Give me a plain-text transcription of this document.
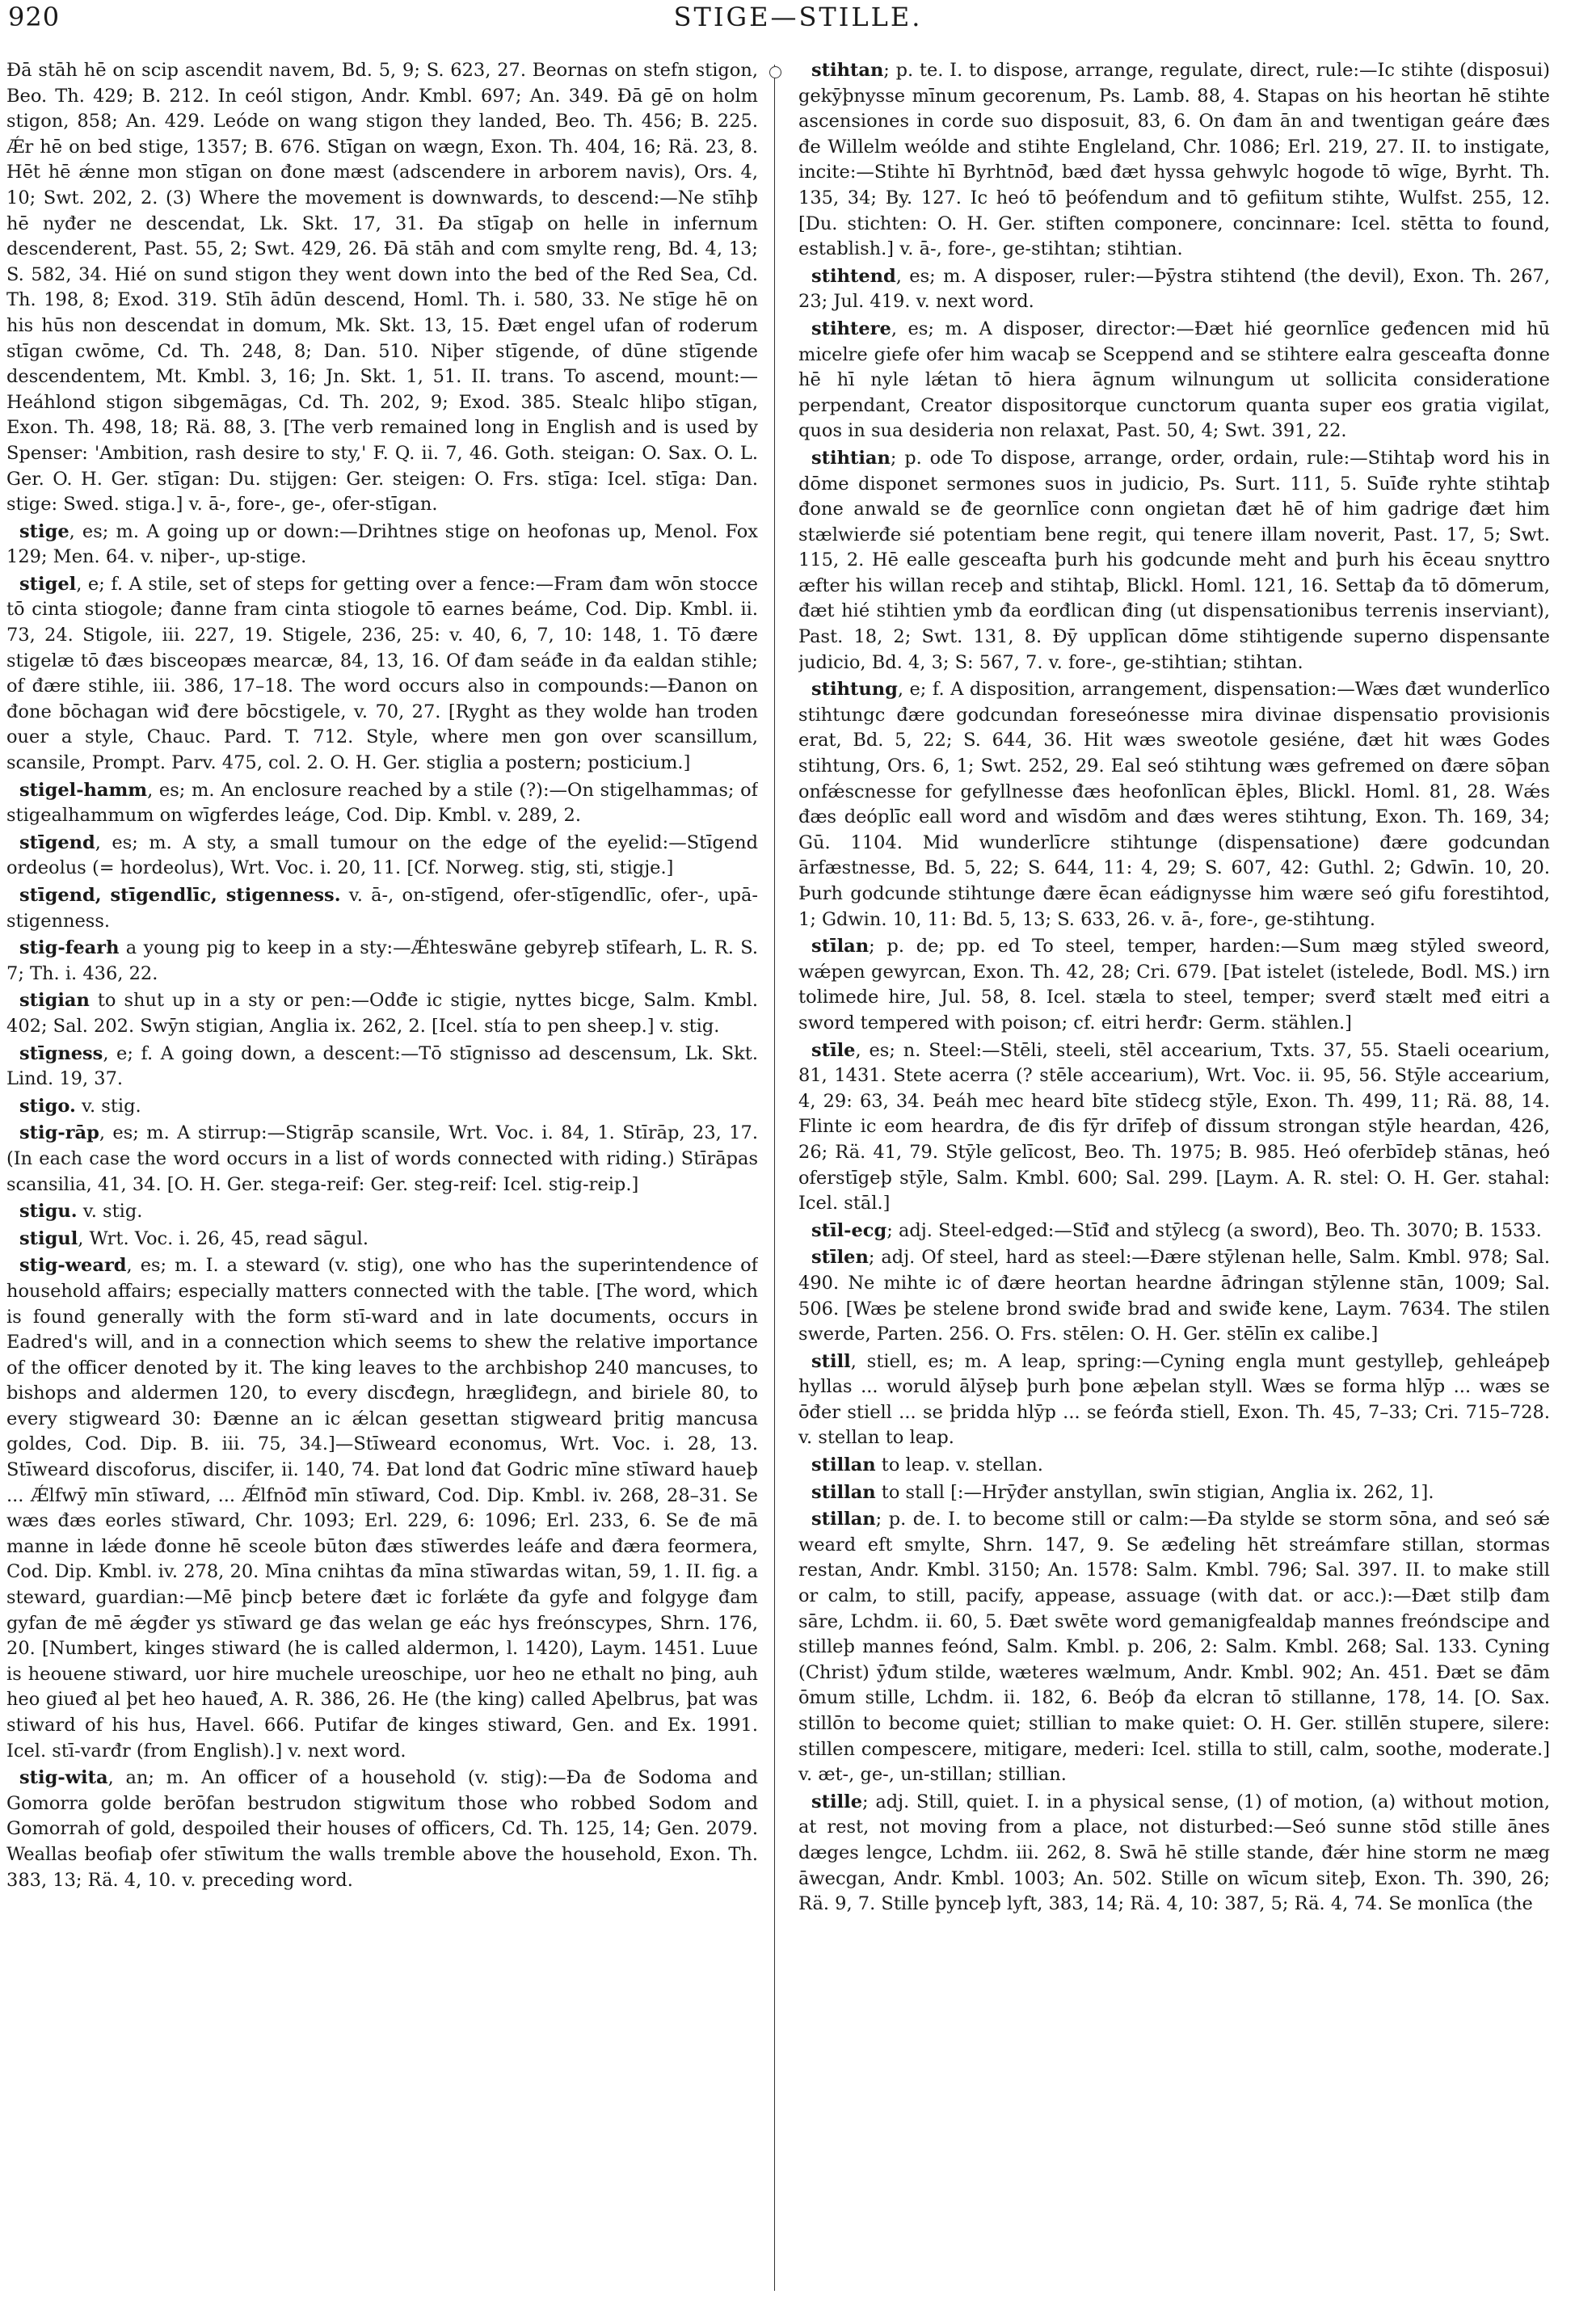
920	STIGE—STILLE.

Đā stāh hē on scip ascendit navem, Bd. 5, 9; S. 623, 27. Beornas on stefn stigon, Beo. Th. 429; B. 212. In ceól stigon, Andr. Kmbl. 697; An. 349. Đā gē on holm stigon, 858; An. 429. Leóde on wang stigon they landed, Beo. Th. 456; B. 225. Ǽr hē on bed stige, 1357; B. 676. Stīgan on wægn, Exon. Th. 404, 16; Rä. 23, 8. Hēt hē ǽnne mon stīgan on đone mæst (adscendere in arborem navis), Ors. 4, 10; Swt. 202, 2. (3) Where the movement is downwards, to descend:—Ne stīhþ hē nyđer ne descendat, Lk. Skt. 17, 31. Đa stīgaþ on helle in infernum descenderent, Past. 55, 2; Swt. 429, 26. Đā stāh and com smylte reng, Bd. 4, 13; S. 582, 34. Hié on sund stigon they went down into the bed of the Red Sea, Cd. Th. 198, 8; Exod. 319. Stīh ādūn descend, Homl. Th. i. 580, 33. Ne stīge hē on his hūs non descendat in domum, Mk. Skt. 13, 15. Đæt engel ufan of roderum stīgan cwōme, Cd. Th. 248, 8; Dan. 510. Niþer stīgende, of dūne stīgende descendentem, Mt. Kmbl. 3, 16; Jn. Skt. 1, 51. II. trans. To ascend, mount:—Heáhlond stigon sibgemāgas, Cd. Th. 202, 9; Exod. 385. Stealc hliþo stīgan, Exon. Th. 498, 18; Rä. 88, 3. [The verb remained long in English and is used by Spenser: 'Ambition, rash desire to sty,' F. Q. ii. 7, 46. Goth. steigan: O. Sax. O. L. Ger. O. H. Ger. stīgan: Du. stijgen: Ger. steigen: O. Frs. stīga: Icel. stīga: Dan. stige: Swed. stiga.] v. ā-, fore-, ge-, ofer-stīgan.

stige, es; m. A going up or down:—Drihtnes stige on heofonas up, Menol. Fox 129; Men. 64. v. niþer-, up-stige.

stigel, e; f. A stile, set of steps for getting over a fence:—Fram đam wōn stocce tō cinta stiogole; đanne fram cinta stiogole tō earnes beáme, Cod. Dip. Kmbl. ii. 73, 24. Stigole, iii. 227, 19. Stigele, 236, 25: v. 40, 6, 7, 10: 148, 1. Tō đære stigelæ tō đæs bisceopæs mearcæ, 84, 13, 16. Of đam seáđe in đa ealdan stihle; of đære stihle, iii. 386, 17–18. The word occurs also in compounds:—Đanon on đone bōchagan wiđ đere bōcstigele, v. 70, 27. [Ryght as they wolde han troden ouer a style, Chauc. Pard. T. 712. Style, where men gon over scansillum, scansile, Prompt. Parv. 475, col. 2. O. H. Ger. stiglia a postern; posticium.]

stigel-hamm, es; m. An enclosure reached by a stile (?):—On stigelhammas; of stigealhammum on wīgferdes leáge, Cod. Dip. Kmbl. v. 289, 2.

stīgend, es; m. A sty, a small tumour on the edge of the eyelid:—Stīgend ordeolus (= hordeolus), Wrt. Voc. i. 20, 11. [Cf. Norweg. stig, sti, stigje.]

stīgend, stīgendlīc, stigenness. v. ā-, on-stīgend, ofer-stīgendlīc, ofer-, upā-stigenness.

stig-fearh a young pig to keep in a sty:—Ǽhteswāne gebyreþ stīfearh, L. R. S. 7; Th. i. 436, 22.

stigian to shut up in a sty or pen:—Odđe ic stigie, nyttes bicge, Salm. Kmbl. 402; Sal. 202. Swȳn stigian, Anglia ix. 262, 2. [Icel. stía to pen sheep.] v. stig.

stīgness, e; f. A going down, a descent:—Tō stīgnisso ad descensum, Lk. Skt. Lind. 19, 37.

stigo. v. stig.

stig-rāp, es; m. A stirrup:—Stigrāp scansile, Wrt. Voc. i. 84, 1. Stīrāp, 23, 17. (In each case the word occurs in a list of words connected with riding.) Stīrāpas scansilia, 41, 34. [O. H. Ger. stega-reif: Ger. steg-reif: Icel. stig-reip.]

stigu. v. stig.

stigul, Wrt. Voc. i. 26, 45, read sāgul.

stig-weard, es; m. I. a steward (v. stig), one who has the superintendence of household affairs; especially matters connected with the table. [The word, which is found generally with the form stī-ward and in late documents, occurs in Eadred's will, and in a connection which seems to shew the relative importance of the officer denoted by it. The king leaves to the archbishop 240 mancuses, to bishops and aldermen 120, to every discđegn, hrægliđegn, and biriele 80, to every stigweard 30: Đænne an ic ǽlcan gesettan stigweard þritig mancusa goldes, Cod. Dip. B. iii. 75, 34.]—Stīweard economus, Wrt. Voc. i. 28, 13. Stīweard discoforus, discifer, ii. 140, 74. Đat lond đat Godric mīne stīward haueþ ... Ǽlfwȳ mīn stīward, ... Ǽlfnōđ mīn stīward, Cod. Dip. Kmbl. iv. 268, 28–31. Se wæs đæs eorles stīward, Chr. 1093; Erl. 229, 6: 1096; Erl. 233, 6. Se đe mā manne in lǽde đonne hē sceole būton đæs stīwerdes leáfe and đæra feormera, Cod. Dip. Kmbl. iv. 278, 20. Mīna cnihtas đa mīna stīwardas witan, 59, 1. II. fig. a steward, guardian:—Mē þincþ betere đæt ic forlǽte đa gyfe and folgyge đam gyfan đe mē ǽgđer ys stīward ge đas welan ge eác hys freónscypes, Shrn. 176, 20. [Numbert, kinges stiward (he is called aldermon, l. 1420), Laym. 1451. Luue is heouene stiward, uor hire muchele ureoschipe, uor heo ne ethalt no þing, auh heo giueđ al þet heo haueđ, A. R. 386, 26. He (the king) called Aþelbrus, þat was stiward of his hus, Havel. 666. Putifar đe kinges stiward, Gen. and Ex. 1991. Icel. stī-varđr (from English).] v. next word.

stig-wita, an; m. An officer of a household (v. stig):—Đa đe Sodoma and Gomorra golde berōfan bestrudon stigwitum those who robbed Sodom and Gomorrah of gold, despoiled their houses of officers, Cd. Th. 125, 14; Gen. 2079. Weallas beofiaþ ofer stīwitum the walls tremble above the household, Exon. Th. 383, 13; Rä. 4, 10. v. preceding word.

stihtan; p. te. I. to dispose, arrange, regulate, direct, rule:—Ic stihte (disposui) gekȳþnysse mīnum gecorenum, Ps. Lamb. 88, 4. Stapas on his heortan hē stihte ascensiones in corde suo disposuit, 83, 6. On đam ān and twentigan geáre đæs đe Willelm weólde and stihte Engleland, Chr. 1086; Erl. 219, 27. II. to instigate, incite:—Stihte hī Byrhtnōđ, bæd đæt hyssa gehwylc hogode tō wīge, Byrht. Th. 135, 34; By. 127. Ic heó tō þeófendum and tō gefiitum stihte, Wulfst. 255, 12. [Du. stichten: O. H. Ger. stiften componere, concinnare: Icel. stētta to found, establish.] v. ā-, fore-, ge-stihtan; stihtian.

stihtend, es; m. A disposer, ruler:—Þȳstra stihtend (the devil), Exon. Th. 267, 23; Jul. 419. v. next word.

stihtere, es; m. A disposer, director:—Đæt hié geornlīce geđencen mid hū micelre giefe ofer him wacaþ se Sceppend and se stihtere ealra gesceafta đonne hē hī nyle lǽtan tō hiera āgnum wilnungum ut sollicita consideratione perpendant, Creator dispositorque cunctorum quanta super eos gratia vigilat, quos in sua desideria non relaxat, Past. 50, 4; Swt. 391, 22.

stihtian; p. ode To dispose, arrange, order, ordain, rule:—Stihtaþ word his in dōme disponet sermones suos in judicio, Ps. Surt. 111, 5. Suīđe ryhte stihtaþ đone anwald se đe geornlīce conn ongietan đæt hē of him gadrige đæt him stælwierđe sié potentiam bene regit, qui tenere illam noverit, Past. 17, 5; Swt. 115, 2. Hē ealle gesceafta þurh his godcunde meht and þurh his ēceau snyttro æfter his willan receþ and stihtaþ, Blickl. Homl. 121, 16. Settaþ đa tō dōmerum, đæt hié stihtien ymb đa eorđlican đing (ut dispensationibus terrenis inserviant), Past. 18, 2; Swt. 131, 8. Đȳ upplīcan dōme stihtigende superno dispensante judicio, Bd. 4, 3; S: 567, 7. v. fore-, ge-stihtian; stihtan.

stihtung, e; f. A disposition, arrangement, dispensation:—Wæs đæt wunderlīco stihtungc đære godcundan foreseónesse mira divinae dispensatio provisionis erat, Bd. 5, 22; S. 644, 36. Hit wæs sweotole gesiéne, đæt hit wæs Godes stihtung, Ors. 6, 1; Swt. 252, 29. Eal seó stihtung wæs gefremed on đære sōþan onfǽscnesse for gefyllnesse đæs heofonlīcan ēþles, Blickl. Homl. 81, 28. Wǽs đæs deóplīc eall word and wīsdōm and đæs weres stihtung, Exon. Th. 169, 34; Gū. 1104. Mid wunderlīcre stihtunge (dispensatione) đære godcundan ārfæstnesse, Bd. 5, 22; S. 644, 11: 4, 29; S. 607, 42: Guthl. 2; Gdwīn. 10, 20. Þurh godcunde stihtunge đære ēcan eádignysse him wære seó gifu forestihtod, 1; Gdwin. 10, 11: Bd. 5, 13; S. 633, 26. v. ā-, fore-, ge-stihtung.

stīlan; p. de; pp. ed To steel, temper, harden:—Sum mæg stȳled sweord, wǽpen gewyrcan, Exon. Th. 42, 28; Cri. 679. [Þat istelet (istelede, Bodl. MS.) irn tolimede hire, Jul. 58, 8. Icel. stæla to steel, temper; sverđ stælt međ eitri a sword tempered with poison; cf. eitri herđr: Germ. stählen.]

stīle, es; n. Steel:—Stēli, steeli, stēl accearium, Txts. 37, 55. Staeli ocearium, 81, 1431. Stete acerra (? stēle accearium), Wrt. Voc. ii. 95, 56. Stȳle accearium, 4, 29: 63, 34. Þeáh mec heard bīte stīdecg stȳle, Exon. Th. 499, 11; Rä. 88, 14. Flinte ic eom heardra, đe đis fȳr drīfeþ of đissum strongan stȳle heardan, 426, 26; Rä. 41, 79. Stȳle gelīcost, Beo. Th. 1975; B. 985. Heó oferbīdeþ stānas, heó oferstīgeþ stȳle, Salm. Kmbl. 600; Sal. 299. [Laym. A. R. stel: O. H. Ger. stahal: Icel. stāl.]

stīl-ecg; adj. Steel-edged:—Stīđ and stȳlecg (a sword), Beo. Th. 3070; B. 1533.

stīlen; adj. Of steel, hard as steel:—Đære stȳlenan helle, Salm. Kmbl. 978; Sal. 490. Ne mihte ic of đære heortan heardne āđringan stȳlenne stān, 1009; Sal. 506. [Wæs þe stelene brond swiđe brad and swiđe kene, Laym. 7634. The stilen swerde, Parten. 256. O. Frs. stēlen: O. H. Ger. stēlīn ex calibe.]

still, stiell, es; m. A leap, spring:—Cyning engla munt gestylleþ, gehleápeþ hyllas ... woruld ālȳseþ þurh þone æþelan styll. Wæs se forma hlȳp ... wæs se ōđer stiell ... se þridda hlȳp ... se feórđa stiell, Exon. Th. 45, 7–33; Cri. 715–728. v. stellan to leap.

stillan to leap. v. stellan.

stillan to stall [:—Hrȳđer anstyllan, swīn stigian, Anglia ix. 262, 1].

stillan; p. de. I. to become still or calm:—Đa stylde se storm sōna, and seó sǽ weard eft smylte, Shrn. 147, 9. Se æđeling hēt streámfare stillan, stormas restan, Andr. Kmbl. 3150; An. 1578: Salm. Kmbl. 796; Sal. 397. II. to make still or calm, to still, pacify, appease, assuage (with dat. or acc.):—Đæt stilþ đam sāre, Lchdm. ii. 60, 5. Đæt swēte word gemanigfealdaþ mannes freóndscipe and stilleþ mannes feónd, Salm. Kmbl. p. 206, 2: Salm. Kmbl. 268; Sal. 133. Cyning (Christ) ȳđum stilde, wæteres wælmum, Andr. Kmbl. 902; An. 451. Đæt se đām ōmum stille, Lchdm. ii. 182, 6. Beóþ đa elcran tō stillanne, 178, 14. [O. Sax. stillōn to become quiet; stillian to make quiet: O. H. Ger. stillēn stupere, silere: stillen compescere, mitigare, mederi: Icel. stilla to still, calm, soothe, moderate.] v. æt-, ge-, un-stillan; stillian.

stille; adj. Still, quiet. I. in a physical sense, (1) of motion, (a) without motion, at rest, not moving from a place, not disturbed:—Seó sunne stōd stille ānes dæges lengce, Lchdm. iii. 262, 8. Swā hē stille stande, đǽr hine storm ne mæg āwecgan, Andr. Kmbl. 1003; An. 502. Stille on wīcum siteþ, Exon. Th. 390, 26; Rä. 9, 7. Stille þynceþ lyft, 383, 14; Rä. 4, 10: 387, 5; Rä. 4, 74. Se monlīca (the
